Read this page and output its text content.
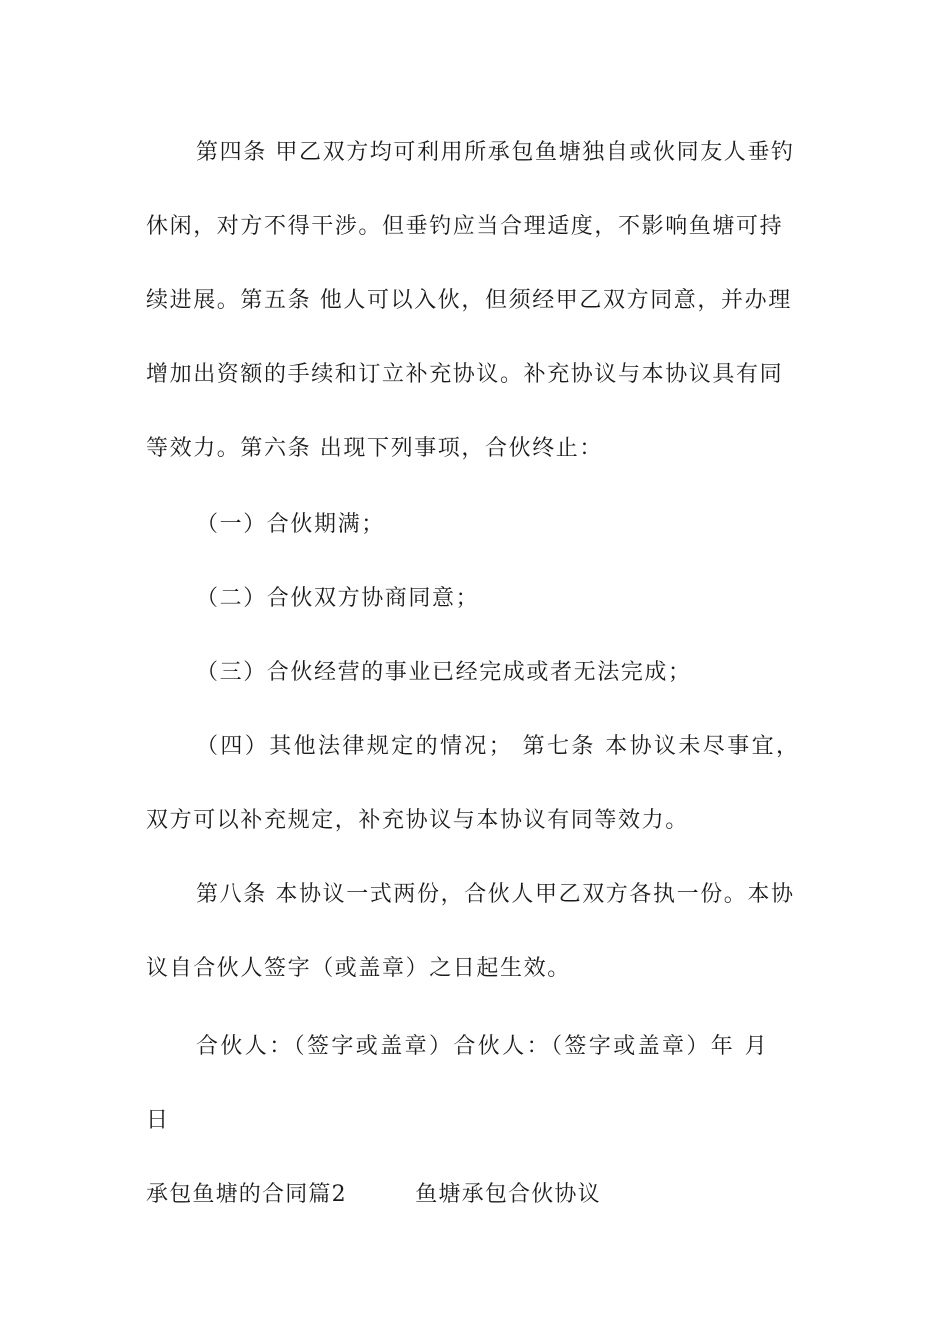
第四条 甲乙双方均可利用所承包鱼塘独自或伙同友人垂钓
休闲，对方不得干涉。但垂钓应当合理适度，不影响鱼塘可持
续进展。第五条 他人可以入伙，但须经甲乙双方同意，并办理
增加出资额的手续和订立补充协议。补充协议与本协议具有同
等效力。第六条 出现下列事项，合伙终止：
（一）合伙期满；
（二）合伙双方协商同意；
（三）合伙经营的事业已经完成或者无法完成；
（四）其他法律规定的情况； 第七条 本协议未尽事宜，
双方可以补充规定，补充协议与本协议有同等效力。
第八条 本协议一式两份，合伙人甲乙双方各执一份。本协
议自合伙人签字（或盖章）之日起生效。
合伙人：（签字或盖章）合伙人：（签字或盖章）年 月
日
承包鱼塘的合同篇2	鱼塘承包合伙协议
